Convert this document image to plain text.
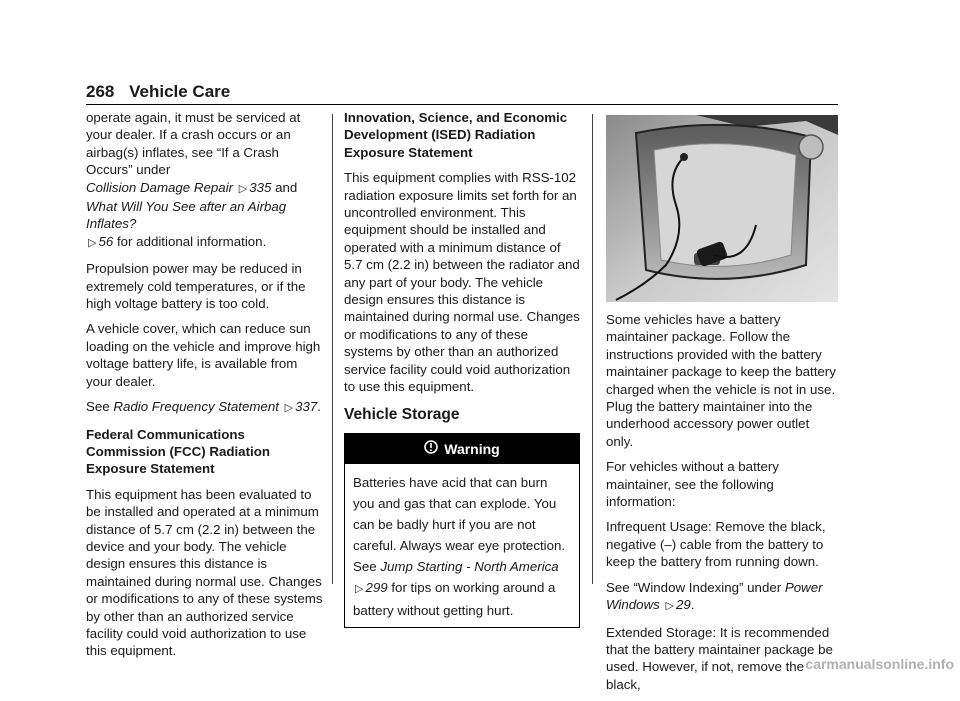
268 Vehicle Care

operate again, it must be serviced at your dealer. If a crash occurs or an airbag(s) inflates, see “If a Crash Occurs” under
Collision Damage Repair ▷ 335 and
What Will You See after an Airbag Inflates?
▷ 56 for additional information.

Propulsion power may be reduced in extremely cold temperatures, or if the high voltage battery is too cold.

A vehicle cover, which can reduce sun loading on the vehicle and improve high voltage battery life, is available from your dealer.

See Radio Frequency Statement ▷ 337.

Federal Communications Commission (FCC) Radiation Exposure Statement

This equipment has been evaluated to be installed and operated at a minimum distance of 5.7 cm (2.2 in) between the device and your body. The vehicle design ensures this distance is maintained during normal use. Changes or modifications to any of these systems by other than an authorized service facility could void authorization to use this equipment.

Innovation, Science, and Economic Development (ISED) Radiation Exposure Statement

This equipment complies with RSS-102 radiation exposure limits set forth for an uncontrolled environment. This equipment should be installed and operated with a minimum distance of 5.7 cm (2.2 in) between the radiator and any part of your body. The vehicle design ensures this distance is maintained during normal use. Changes or modifications to any of these systems by other than an authorized service facility could void authorization to use this equipment.

Vehicle Storage
Warning
Batteries have acid that can burn you and gas that can explode. You can be badly hurt if you are not careful. Always wear eye protection. See Jump Starting - North America ▷ 299 for tips on working around a battery without getting hurt.

Some vehicles have a battery maintainer package. Follow the instructions provided with the battery maintainer package to keep the battery charged when the vehicle is not in use. Plug the battery maintainer into the underhood accessory power outlet only.

For vehicles without a battery maintainer, see the following information:

Infrequent Usage: Remove the black, negative (–) cable from the battery to keep the battery from running down.

See “Window Indexing” under Power Windows ▷ 29.

Extended Storage: It is recommended that the battery maintainer package be used. However, if not, remove the black,

carmanualsonline.info
